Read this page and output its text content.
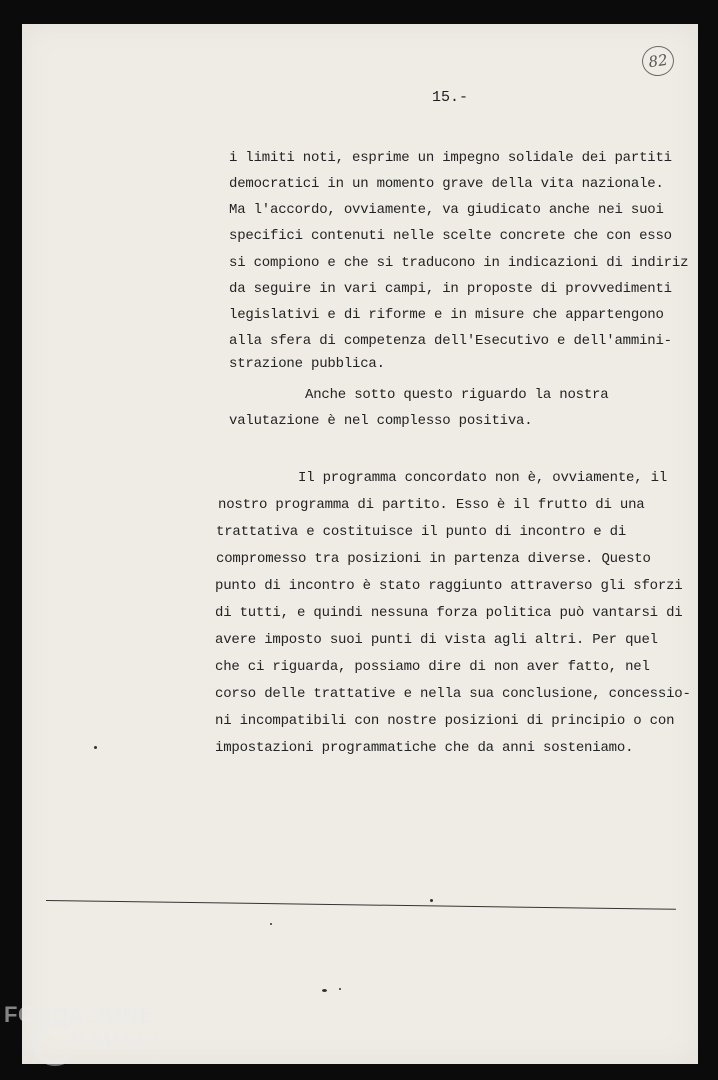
82
15.-
i limiti noti, esprime un impegno solidale dei partiti
democratici in un momento grave della vita nazionale.
Ma l'accordo, ovviamente, va giudicato anche nei suoi
specifici contenuti nelle scelte concrete che con esso
si compiono e che si traducono in indicazioni di indiriz
da seguire in vari campi, in proposte di provvedimenti
legislativi e di riforme e in misure che appartengono
alla sfera di competenza dell'Esecutivo e dell'ammini-
strazione pubblica.
Anche sotto questo riguardo la nostra
valutazione è nel complesso positiva.
Il programma concordato non è, ovviamente, il
nostro programma di partito. Esso è il frutto di una
trattativa e costituisce il punto di incontro e di
compromesso tra posizioni in partenza diverse. Questo
punto di incontro è stato raggiunto attraverso gli sforzi
di tutti, e quindi nessuna forza politica può vantarsi di
avere imposto suoi punti di vista agli altri. Per quel
che ci riguarda, possiamo dire di non aver fatto, nel
corso delle trattative e nella sua conclusione, concessio-
ni incompatibili con nostre posizioni di principio o con
impostazioni programmatiche che da anni sosteniamo.
FONDAZIONE
RAMSCI
onlus
